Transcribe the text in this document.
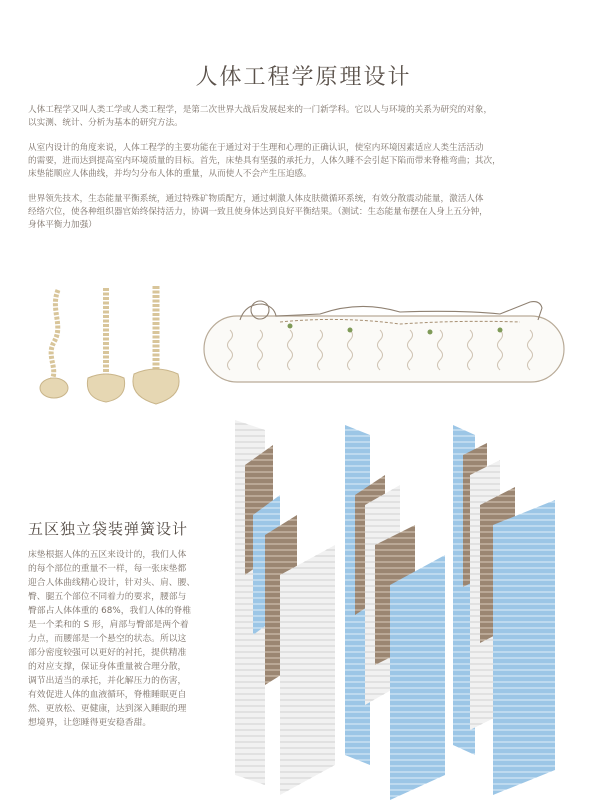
人体工程学原理设计
人体工程学又叫人类工学或人类工程学，是第二次世界大战后发展起来的一门新学科。它以人与环境的关系为研究的对象，
以实测、统计、分析为基本的研究方法。
从室内设计的角度来说，人体工程学的主要功能在于通过对于生理和心理的正确认识，使室内环境因素适应人类生活活动
的需要，进而达到提高室内环境质量的目标。首先，床垫具有坚强的承托力，人体久睡不会引起下陷而带来脊椎弯曲；其次，
床垫能顺应人体曲线，并均匀分布人体的重量，从而使人不会产生压迫感。
世界领先技术，生态能量平衡系统，通过特殊矿物质配方，通过刺激人体皮肤微循环系统，有效分散震动能量，激活人体
经络穴位，使各种组织器官始终保持活力，协调一致且使身体达到良好平衡结果。（测试：生态能量布摆在人身上五分钟，
身体平衡力加强）
五区独立袋装弹簧设计
床垫根据人体的五区来设计的，我们人体
的每个部位的重量不一样，每一张床垫都
迎合人体曲线精心设计，针对头、肩、腰、
臀、腿五个部位不同着力的要求，腰部与
臀部占人体体重的 68%，我们人体的脊椎
是一个柔和的 S 形，肩部与臀部是两个着
力点，而腰部是一个悬空的状态。所以这
部分密度较强可以更好的衬托，提供精准
的对应支撑，保证身体重量被合理分散，
调节出适当的承托，并化解压力的伤害，
有效促进人体的血液循环，脊椎睡眠更自
然、更放松、更健康，达到深入睡眠的理
想境界，让您睡得更安稳香甜。
